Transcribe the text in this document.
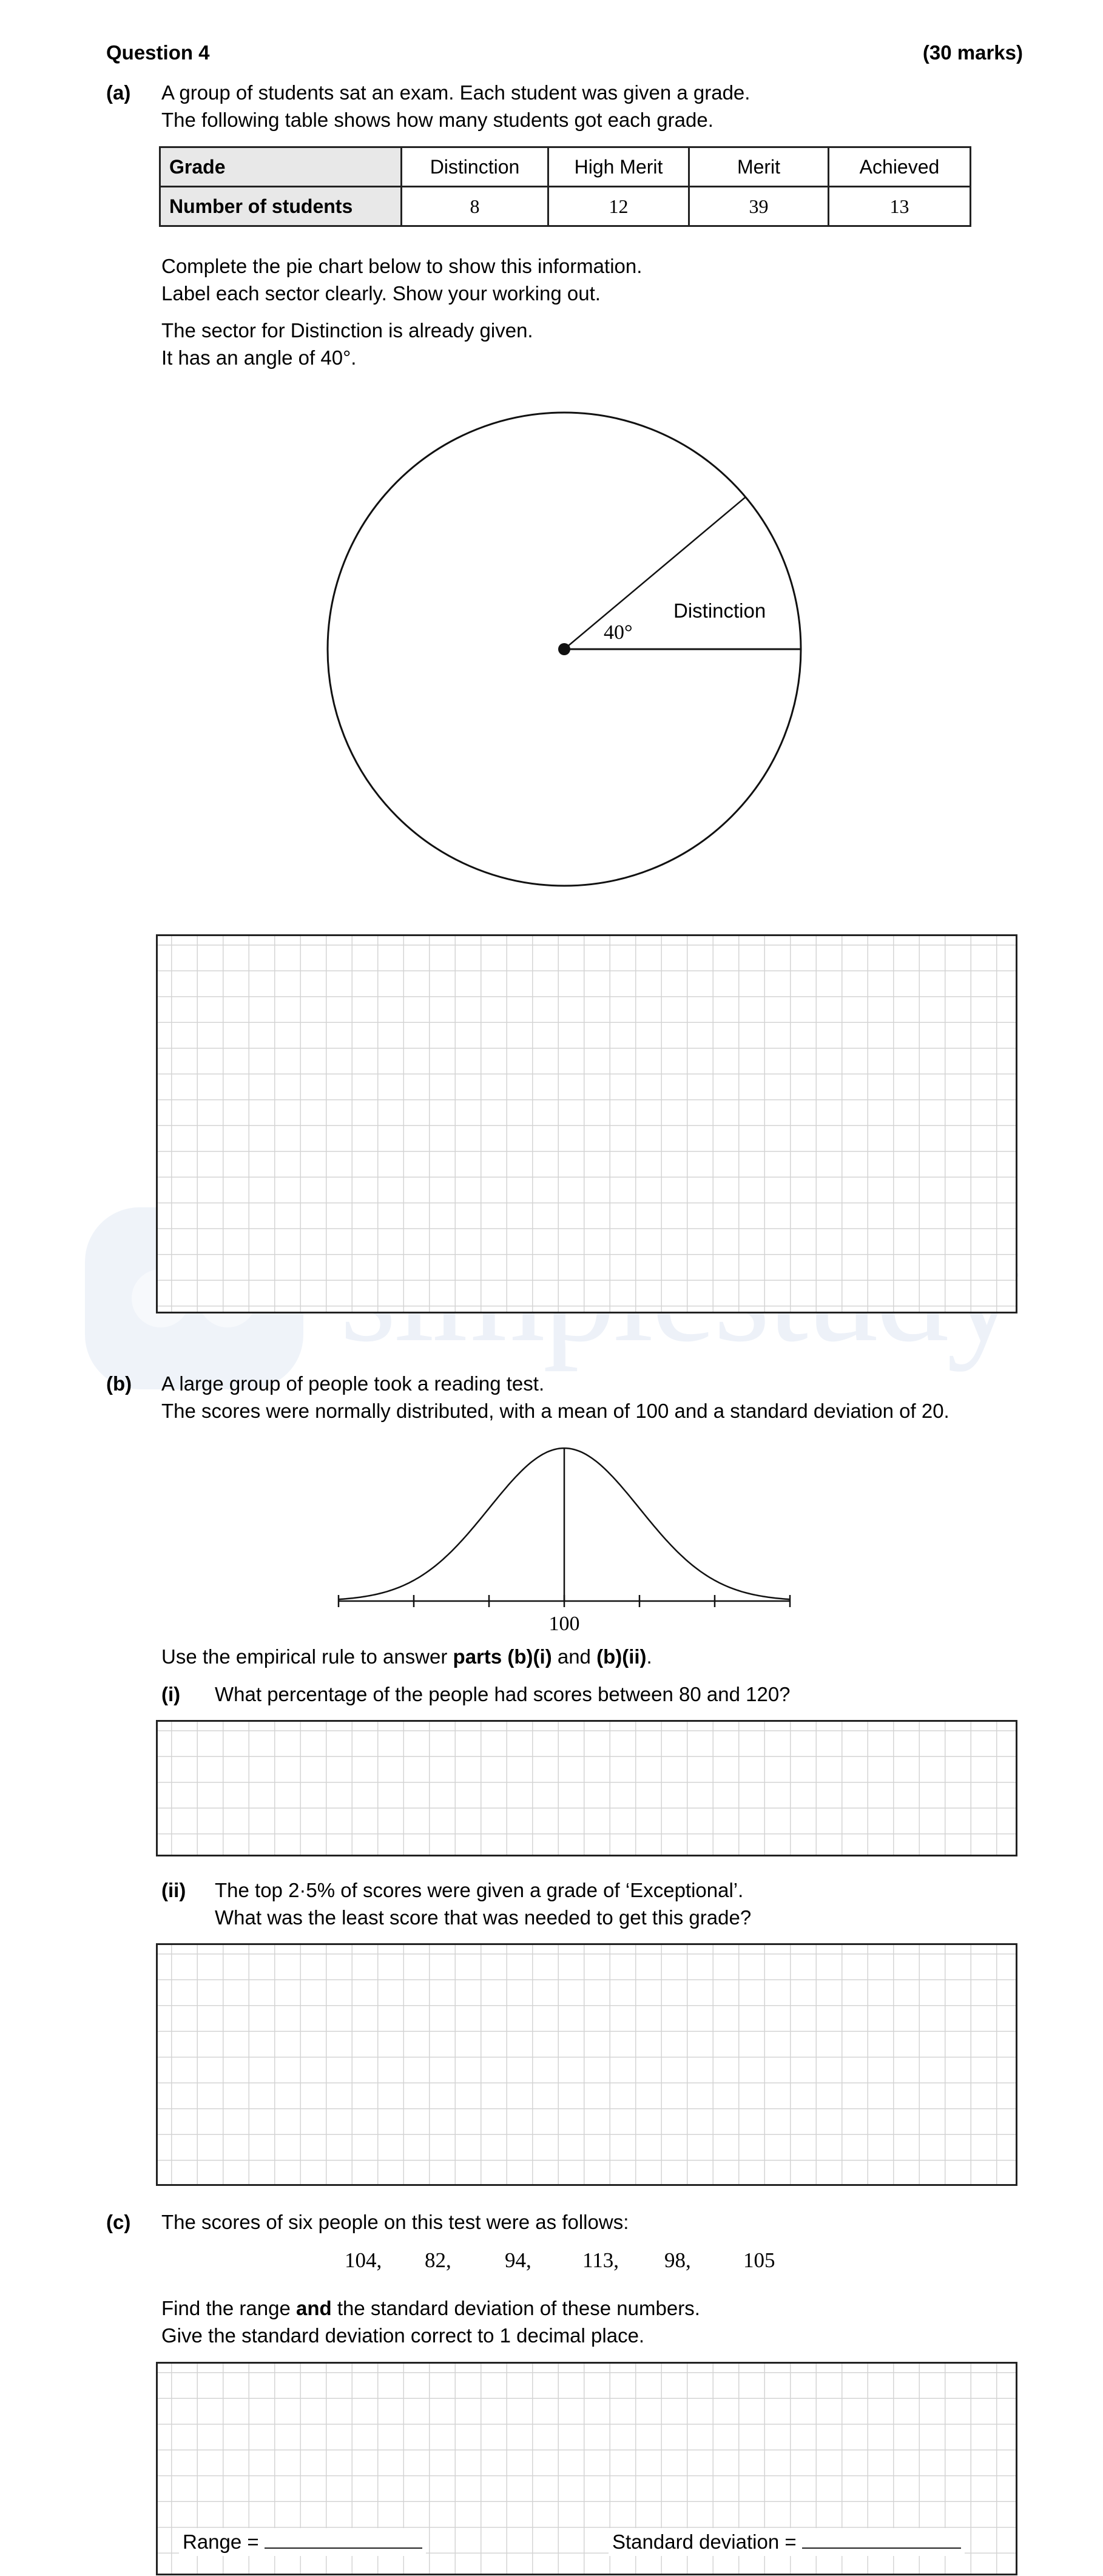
Question 4	(30 marks)
(a) A group of students sat an exam. Each student was given a grade.
The following table shows how many students got each grade.
Grade	Distinction	High Merit	Merit	Achieved
Number of students	8	12	39	13
Complete the pie chart below to show this information.
Label each sector clearly. Show your working out.
The sector for Distinction is already given.
It has an angle of 40°.
Distinction
40°
(b) A large group of people took a reading test.
The scores were normally distributed, with a mean of 100 and a standard deviation of 20.
100
Use the empirical rule to answer parts (b)(i) and (b)(ii).
(i) What percentage of the people had scores between 80 and 120?
(ii) The top 2·5% of scores were given a grade of ‘Exceptional’.
What was the least score that was needed to get this grade?
(c) The scores of six people on this test were as follows:
104, 82,	94, 113, 98, 105
Find the range and the standard deviation of these numbers.
Give the standard deviation correct to 1 decimal place.
Range =	Standard deviation =
